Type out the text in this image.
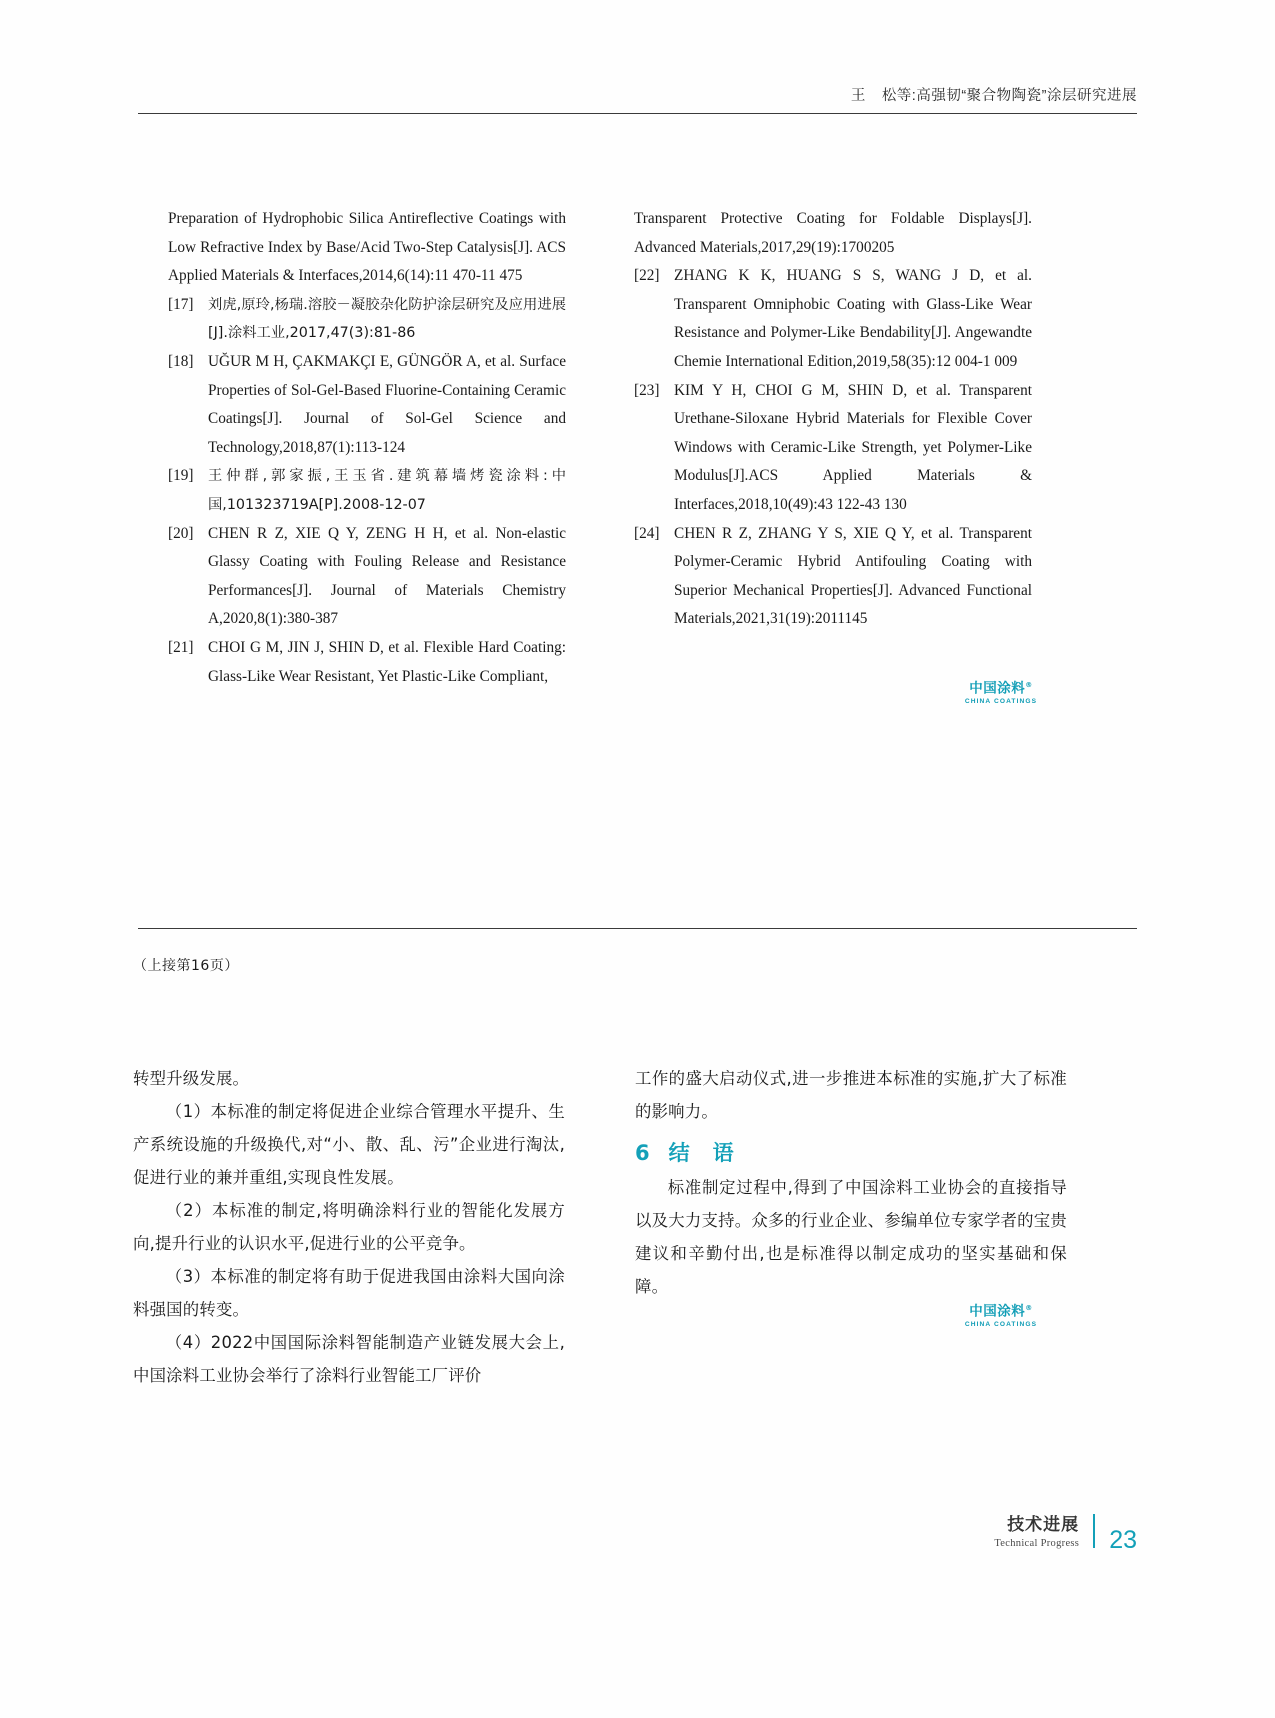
王 松等:高强韧“聚合物陶瓷”涂层研究进展
Preparation of Hydrophobic Silica Antireflective Coatings with Low Refractive Index by Base/Acid Two-Step Catalysis[J]. ACS Applied Materials & Interfaces,2014,6(14):11 470-11 475
[17]	刘虎,原玲,杨瑞.溶胶－凝胶杂化防护涂层研究及应用进展[J].涂料工业,2017,47(3):81-86
[18] UĞUR M H, ÇAKMAKÇI E, GÜNGÖR A, et al. Surface Properties of Sol-Gel-Based Fluorine-Containing Ceramic Coatings[J]. Journal of Sol-Gel Science and Technology,2018,87(1):113-124
[19]	王仲群,郭家振,王玉省.建筑幕墙烤瓷涂料:中国,101323719A[P].2008-12-07
[20] CHEN R Z, XIE Q Y, ZENG H H, et al. Non-elastic Glassy Coating with Fouling Release and Resistance Performances[J]. Journal of Materials Chemistry A,2020,8(1):380-387
[21] CHOI G M, JIN J, SHIN D, et al. Flexible Hard Coating: Glass-Like Wear Resistant, Yet Plastic-Like Compliant,
Transparent Protective Coating for Foldable Displays[J]. Advanced Materials,2017,29(19):1700205
[22] ZHANG K K, HUANG S S, WANG J D, et al. Transparent Omniphobic Coating with Glass-Like Wear Resistance and Polymer-Like Bendability[J]. Angewandte Chemie International Edition,2019,58(35):12 004-1 009
[23] KIM Y H, CHOI G M, SHIN D, et al. Transparent Urethane-Siloxane Hybrid Materials for Flexible Cover Windows with Ceramic-Like Strength, yet Polymer-Like Modulus[J].ACS Applied Materials & Interfaces,2018,10(49):43 122-43 130
[24] CHEN R Z, ZHANG Y S, XIE Q Y, et al. Transparent Polymer-Ceramic Hybrid Antifouling Coating with Superior Mechanical Properties[J]. Advanced Functional Materials,2021,31(19):2011145
中国涂料®
CHINA COATINGS
（上接第16页）

转型升级发展。

（1）本标准的制定将促进企业综合管理水平提升、生产系统设施的升级换代,对“小、散、乱、污”企业进行淘汰,促进行业的兼并重组,实现良性发展。

（2）本标准的制定,将明确涂料行业的智能化发展方向,提升行业的认识水平,促进行业的公平竞争。

（3）本标准的制定将有助于促进我国由涂料大国向涂料强国的转变。

（4）2022中国国际涂料智能制造产业链发展大会上,中国涂料工业协会举行了涂料行业智能工厂评价

工作的盛大启动仪式,进一步推进本标准的实施,扩大了标准的影响力。

6 结　语

标准制定过程中,得到了中国涂料工业协会的直接指导以及大力支持。众多的行业企业、参编单位专家学者的宝贵建议和辛勤付出,也是标准得以制定成功的坚实基础和保障。

中国涂料®
CHINA COATINGS
技术进展
Technical Progress 23
